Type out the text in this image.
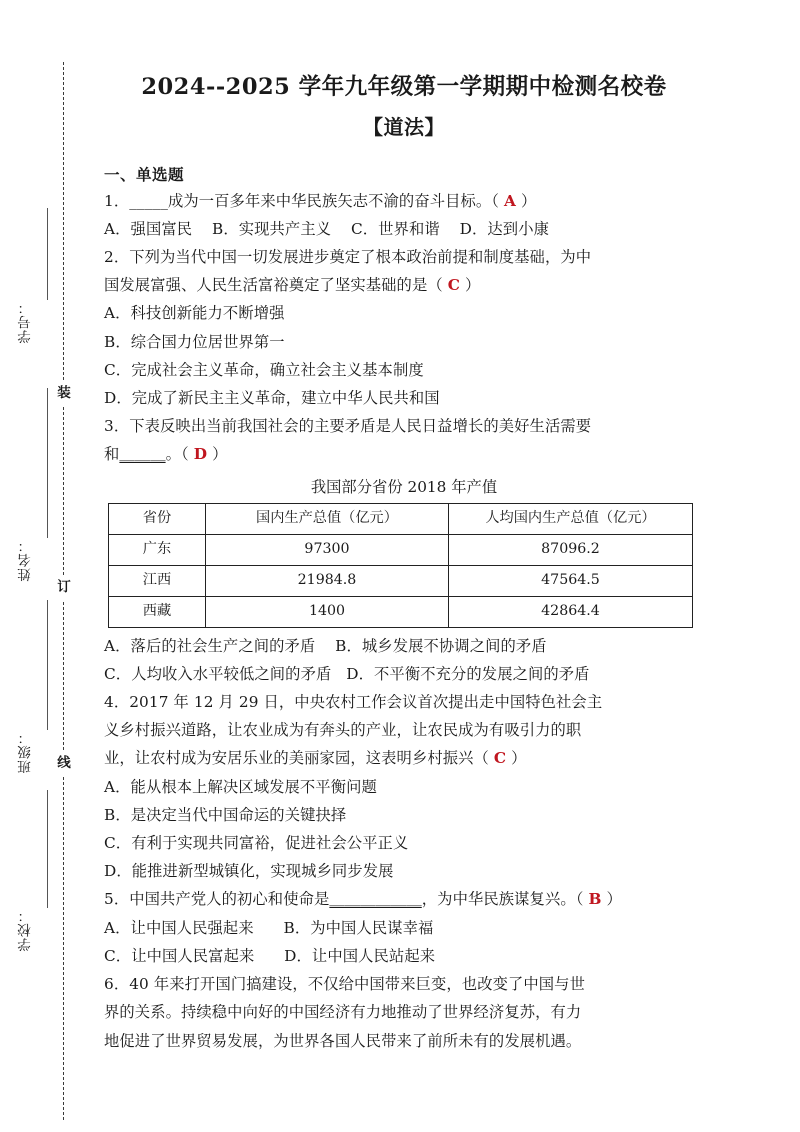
装
订
线
学号：
姓名：
班级：
学校：
2024--2025 学年九年级第一学期期中检测名校卷
【道法】
一、单选题

1．_____成为一百多年来中华民族矢志不渝的奋斗目标。（ A ）

A．强国富民 B．实现共产主义 C．世界和谐 D．达到小康

2．下列为当代中国一切发展进步奠定了根本政治前提和制度基础，为中

国发展富强、人民生活富裕奠定了坚实基础的是（ C ）

A．科技创新能力不断增强

B．综合国力位居世界第一

C．完成社会主义革命，确立社会主义基本制度

D．完成了新民主主义革命，建立中华人民共和国

3．下表反映出当前我国社会的主要矛盾是人民日益增长的美好生活需要

和＿＿＿。（ D ）

我国部分省份 2018 年产值

省份	国内生产总值（亿元）	人均国内生产总值（亿元）
广东	97300	87096.2
江西	21984.8	47564.5
西藏	1400	42864.4

A．落后的社会生产之间的矛盾 B．城乡发展不协调之间的矛盾

C．人均收入水平较低之间的矛盾 D．不平衡不充分的发展之间的矛盾

4．2017 年 12 月 29 日，中央农村工作会议首次提出走中国特色社会主

义乡村振兴道路，让农业成为有奔头的产业，让农民成为有吸引力的职

业，让农村成为安居乐业的美丽家园，这表明乡村振兴（ C ）

A．能从根本上解决区域发展不平衡问题

B．是决定当代中国命运的关键抉择

C．有利于实现共同富裕，促进社会公平正义

D．能推进新型城镇化，实现城乡同步发展

5．中国共产党人的初心和使命是＿＿＿＿＿＿，为中华民族谋复兴。（ B ）

A．让中国人民强起来 B．为中国人民谋幸福

C．让中国人民富起来 D．让中国人民站起来

6．40 年来打开国门搞建设，不仅给中国带来巨变，也改变了中国与世

界的关系。持续稳中向好的中国经济有力地推动了世界经济复苏，有力

地促进了世界贸易发展，为世界各国人民带来了前所未有的发展机遇。
